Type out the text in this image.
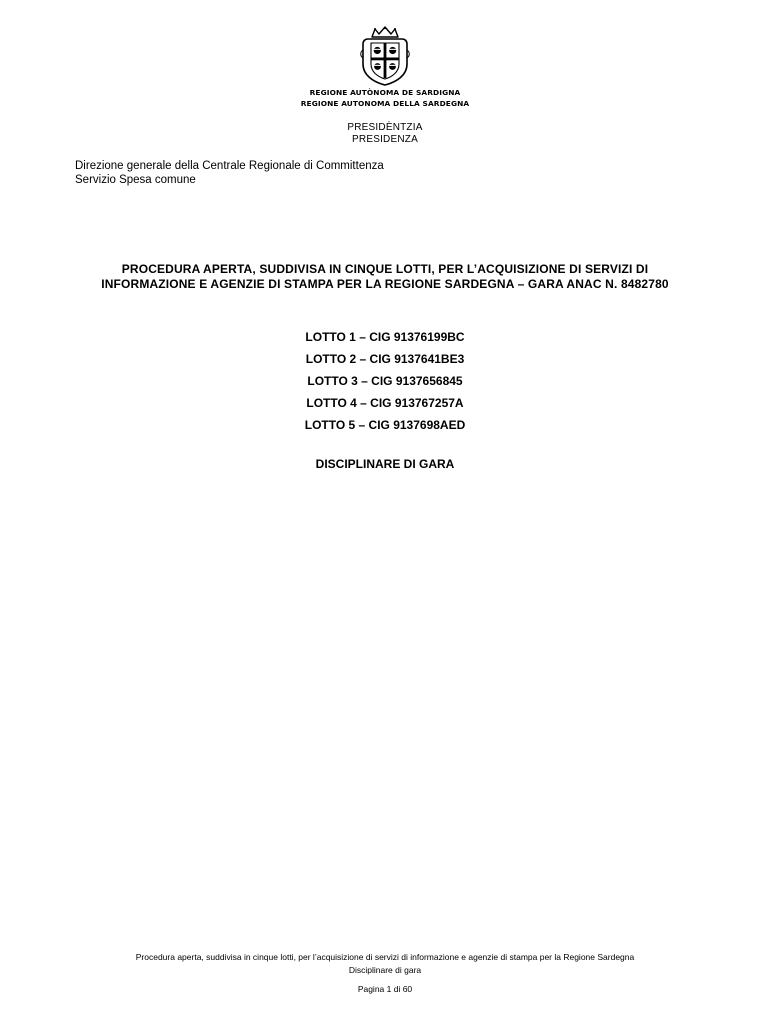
REGIONE AUTÒNOMA DE SARDIGNA
REGIONE AUTONOMA DELLA SARDEGNA
PRESIDÈNTZIA
PRESIDENZA
Direzione generale della Centrale Regionale di Committenza
Servizio Spesa comune
PROCEDURA APERTA, SUDDIVISA IN CINQUE LOTTI, PER L’ACQUISIZIONE DI SERVIZI DI
INFORMAZIONE E AGENZIE DI STAMPA PER LA REGIONE SARDEGNA – GARA ANAC N. 8482780
LOTTO 1 – CIG 91376199BC
LOTTO 2 – CIG 9137641BE3
LOTTO 3 – CIG 9137656845
LOTTO 4 – CIG 913767257A
LOTTO 5 – CIG 9137698AED
DISCIPLINARE DI GARA
Procedura aperta, suddivisa in cinque lotti, per l’acquisizione di servizi di informazione e agenzie di stampa per la Regione Sardegna
Disciplinare di gara
Pagina 1 di 60
